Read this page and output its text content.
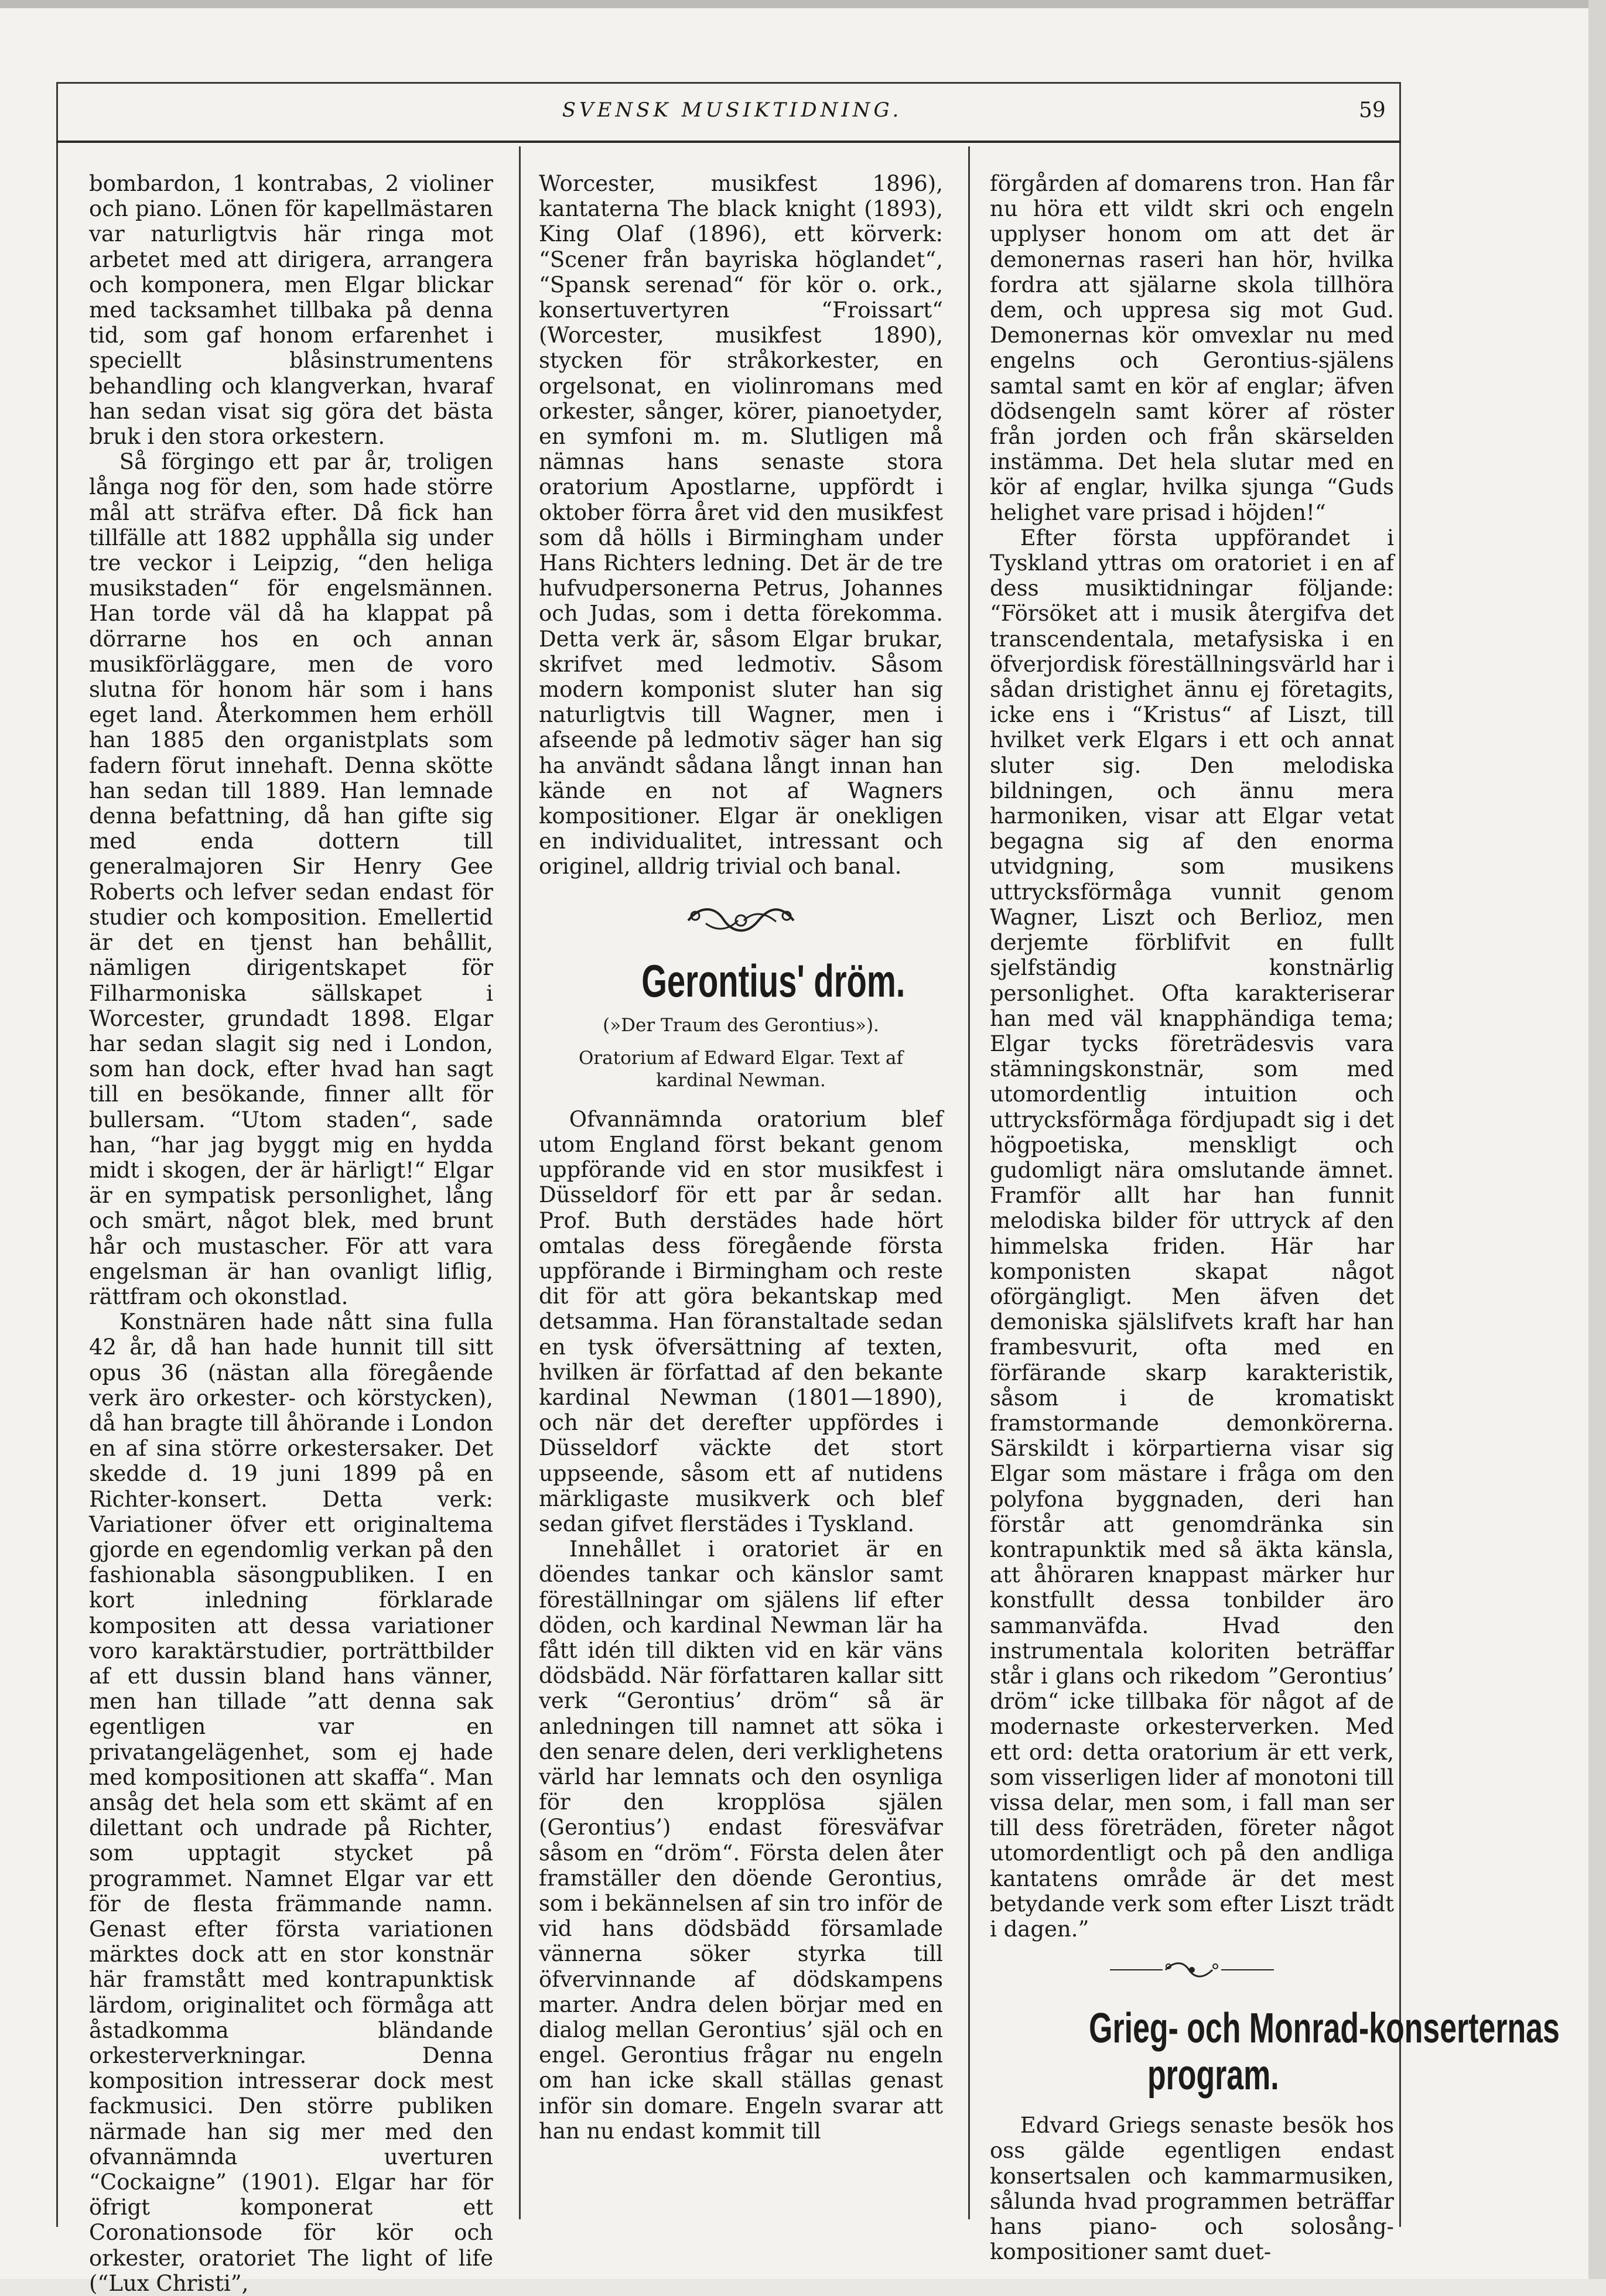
SVENSK MUSIKTIDNING.	59

bombardon, 1 kontrabas, 2 violiner och piano. Lönen för kapellmästaren var naturligtvis här ringa mot arbetet med att dirigera, arrangera och komponera, men Elgar blickar med tacksamhet tillbaka på denna tid, som gaf honom erfarenhet i speciellt blåsinstrumentens behandling och klangverkan, hvaraf han sedan visat sig göra det bästa bruk i den stora orkestern.

Så förgingo ett par år, troligen långa nog för den, som hade större mål att sträfva efter. Då fick han tillfälle att 1882 upphålla sig under tre veckor i Leipzig, “den heliga musikstaden“ för engelsmännen. Han torde väl då ha klappat på dörrarne hos en och annan musikförläggare, men de voro slutna för honom här som i hans eget land. Återkommen hem erhöll han 1885 den organistplats som fadern förut innehaft. Denna skötte han sedan till 1889. Han lemnade denna befattning, då han gifte sig med enda dottern till generalmajoren Sir Henry Gee Roberts och lefver sedan endast för studier och komposition. Emellertid är det en tjenst han behållit, nämligen dirigentskapet för Filharmoniska sällskapet i Worcester, grundadt 1898. Elgar har sedan slagit sig ned i London, som han dock, efter hvad han sagt till en besökande, finner allt för bullersam. “Utom staden“, sade han, “har jag byggt mig en hydda midt i skogen, der är härligt!“ Elgar är en sympatisk personlighet, lång och smärt, något blek, med brunt hår och mustascher. För att vara engelsman är han ovanligt liflig, rättfram och okonstlad.

Konstnären hade nått sina fulla 42 år, då han hade hunnit till sitt opus 36 (nästan alla föregående verk äro orkester- och körstycken), då han bragte till åhörande i London en af sina större orkestersaker. Det skedde d. 19 juni 1899 på en Richter-konsert. Detta verk: Variationer öfver ett originaltema gjorde en egendomlig verkan på den fashionabla säsongpubliken. I en kort inledning förklarade kompositen att dessa variationer voro karaktärstudier, porträttbilder af ett dussin bland hans vänner, men han tillade ”att denna sak egentligen var en privatangelägenhet, som ej hade med kompositionen att skaffa“. Man ansåg det hela som ett skämt af en dilettant och undrade på Richter, som upptagit stycket på programmet. Namnet Elgar var ett för de flesta främmande namn. Genast efter första variationen märktes dock att en stor konstnär här framstått med kontrapunktisk lärdom, originalitet och förmåga att åstadkomma bländande orkesterverkningar. Denna komposition intresserar dock mest fackmusici. Den större publiken närmade han sig mer med den ofvannämnda uverturen “Cockaigne” (1901). Elgar har för öfrigt komponerat ett Coronationsode för kör och orkester, oratoriet The light of life (“Lux Christi”,

Worcester, musikfest 1896), kantaterna The black knight (1893), King Olaf (1896), ett körverk: “Scener från bayriska höglandet“, “Spansk serenad“ för kör o. ork., konsertuvertyren “Froissart“ (Worcester, musikfest 1890), stycken för stråkorkester, en orgelsonat, en violinromans med orkester, sånger, körer, pianoetyder, en symfoni m. m. Slutligen må nämnas hans senaste stora oratorium Apostlarne, uppfördt i oktober förra året vid den musikfest som då hölls i Birmingham under Hans Richters ledning. Det är de tre hufvudpersonerna Petrus, Johannes och Judas, som i detta förekomma. Detta verk är, såsom Elgar brukar, skrifvet med ledmotiv. Såsom modern komponist sluter han sig naturligtvis till Wagner, men i afseende på ledmotiv säger han sig ha användt sådana långt innan han kände en not af Wagners kompositioner. Elgar är onekligen en individualitet, intressant och originel, alldrig trivial och banal.

Gerontius' dröm.

(»Der Traum des Gerontius»).

Oratorium af Edward Elgar. Text af kardinal Newman.

Ofvannämnda oratorium blef utom England först bekant genom uppförande vid en stor musikfest i Düsseldorf för ett par år sedan. Prof. Buth derstädes hade hört omtalas dess föregående första uppförande i Birmingham och reste dit för att göra bekantskap med detsamma. Han föranstaltade sedan en tysk öfversättning af texten, hvilken är författad af den bekante kardinal Newman (1801—1890), och när det derefter uppfördes i Düsseldorf väckte det stort uppseende, såsom ett af nutidens märkligaste musikverk och blef sedan gifvet flerstädes i Tyskland.

Innehållet i oratoriet är en döendes tankar och känslor samt föreställningar om själens lif efter döden, och kardinal Newman lär ha fått idén till dikten vid en kär väns dödsbädd. När författaren kallar sitt verk “Gerontius’ dröm“ så är anledningen till namnet att söka i den senare delen, deri verklighetens värld har lemnats och den osynliga för den kropplösa själen (Gerontius’) endast föresväfvar såsom en “dröm“. Första delen åter framställer den döende Gerontius, som i bekännelsen af sin tro inför de vid hans dödsbädd församlade vännerna söker styrka till öfvervinnande af dödskampens marter. Andra delen börjar med en dialog mellan Gerontius’ själ och en engel. Gerontius frågar nu engeln om han icke skall ställas genast inför sin domare. Engeln svarar att han nu endast kommit till

förgården af domarens tron. Han får nu höra ett vildt skri och engeln upplyser honom om att det är demonernas raseri han hör, hvilka fordra att själarne skola tillhöra dem, och uppresa sig mot Gud. Demonernas kör omvexlar nu med engelns och Gerontius-själens samtal samt en kör af englar; äfven dödsengeln samt körer af röster från jorden och från skärselden instämma. Det hela slutar med en kör af englar, hvilka sjunga “Guds helighet vare prisad i höjden!“

Efter första uppförandet i Tyskland yttras om oratoriet i en af dess musiktidningar följande: “Försöket att i musik återgifva det transcendentala, metafysiska i en öfverjordisk föreställningsvärld har i sådan dristighet ännu ej företagits, icke ens i “Kristus“ af Liszt, till hvilket verk Elgars i ett och annat sluter sig. Den melodiska bildningen, och ännu mera harmoniken, visar att Elgar vetat begagna sig af den enorma utvidgning, som musikens uttrycksförmåga vunnit genom Wagner, Liszt och Berlioz, men derjemte förblifvit en fullt sjelfständig konstnärlig personlighet. Ofta karakteriserar han med väl knapphändiga tema; Elgar tycks företrädesvis vara stämningskonstnär, som med utomordentlig intuition och uttrycksförmåga fördjupadt sig i det högpoetiska, menskligt och gudomligt nära omslutande ämnet. Framför allt har han funnit melodiska bilder för uttryck af den himmelska friden. Här har komponisten skapat något oförgängligt. Men äfven det demoniska själslifvets kraft har han frambesvurit, ofta med en förfärande skarp karakteristik, såsom i de kromatiskt framstormande demonkörerna. Särskildt i körpartierna visar sig Elgar som mästare i fråga om den polyfona byggnaden, deri han förstår att genomdränka sin kontrapunktik med så äkta känsla, att åhöraren knappast märker hur konstfullt dessa tonbilder äro sammanväfda. Hvad den instrumentala koloriten beträffar står i glans och rikedom ”Gerontius’ dröm“ icke tillbaka för något af de modernaste orkesterverken. Med ett ord: detta oratorium är ett verk, som visserligen lider af monotoni till vissa delar, men som, i fall man ser till dess företräden, företer något utomordentligt och på den andliga kantatens område är det mest betydande verk som efter Liszt trädt i dagen.”

Grieg- och Monrad-konserternas

program.

Edvard Griegs senaste besök hos oss gälde egentligen endast konsertsalen och kammarmusiken, sålunda hvad programmen beträffar hans piano- och solosång-kompositioner samt duet-
